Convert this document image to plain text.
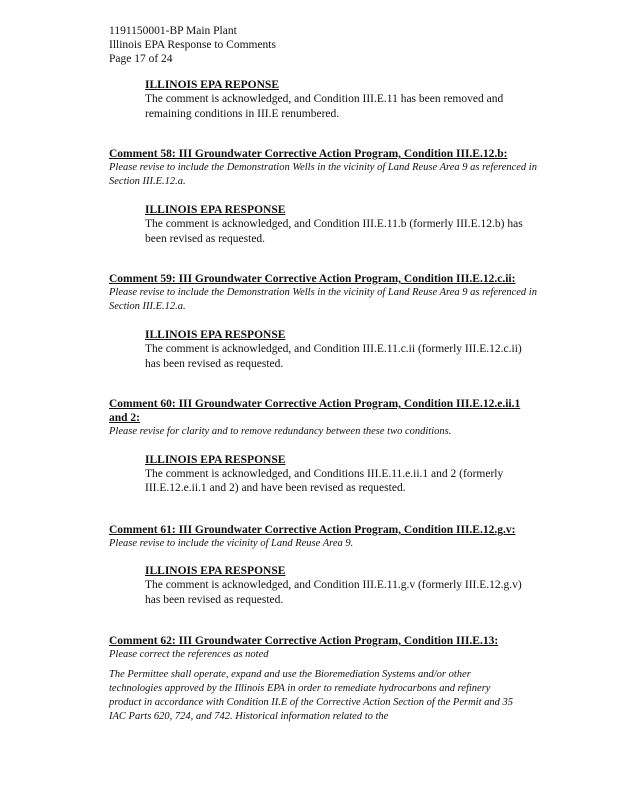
1191150001-BP Main Plant
Illinois EPA Response to Comments
Page 17 of 24
ILLINOIS EPA REPONSE
The comment is acknowledged, and Condition III.E.11 has been removed and remaining conditions in III.E renumbered.
Comment 58: III Groundwater Corrective Action Program, Condition III.E.12.b:
Please revise to include the Demonstration Wells in the vicinity of Land Reuse Area 9 as referenced in Section III.E.12.a.
ILLINOIS EPA RESPONSE
The comment is acknowledged, and Condition III.E.11.b (formerly III.E.12.b) has been revised as requested.
Comment 59: III Groundwater Corrective Action Program, Condition III.E.12.c.ii:
Please revise to include the Demonstration Wells in the vicinity of Land Reuse Area 9 as referenced in Section III.E.12.a.
ILLINOIS EPA RESPONSE
The comment is acknowledged, and Condition III.E.11.c.ii (formerly III.E.12.c.ii) has been revised as requested.
Comment 60: III Groundwater Corrective Action Program, Condition III.E.12.e.ii.1
and 2:
Please revise for clarity and to remove redundancy between these two conditions.
ILLINOIS EPA RESPONSE
The comment is acknowledged, and Conditions III.E.11.e.ii.1 and 2 (formerly
III.E.12.e.ii.1 and 2) and have been revised as requested.
Comment 61: III Groundwater Corrective Action Program, Condition III.E.12.g.v:
Please revise to include the vicinity of Land Reuse Area 9.
ILLINOIS EPA RESPONSE
The comment is acknowledged, and Condition III.E.11.g.v (formerly III.E.12.g.v) has been revised as requested.
Comment 62: III Groundwater Corrective Action Program, Condition III.E.13:
Please correct the references as noted
The Permittee shall operate, expand and use the Bioremediation Systems and/or other technologies approved by the Illinois EPA in order to remediate hydrocarbons and refinery product in accordance with Condition II.E of the Corrective Action Section of the Permit and 35 IAC Parts 620, 724, and 742. Historical information related to the
